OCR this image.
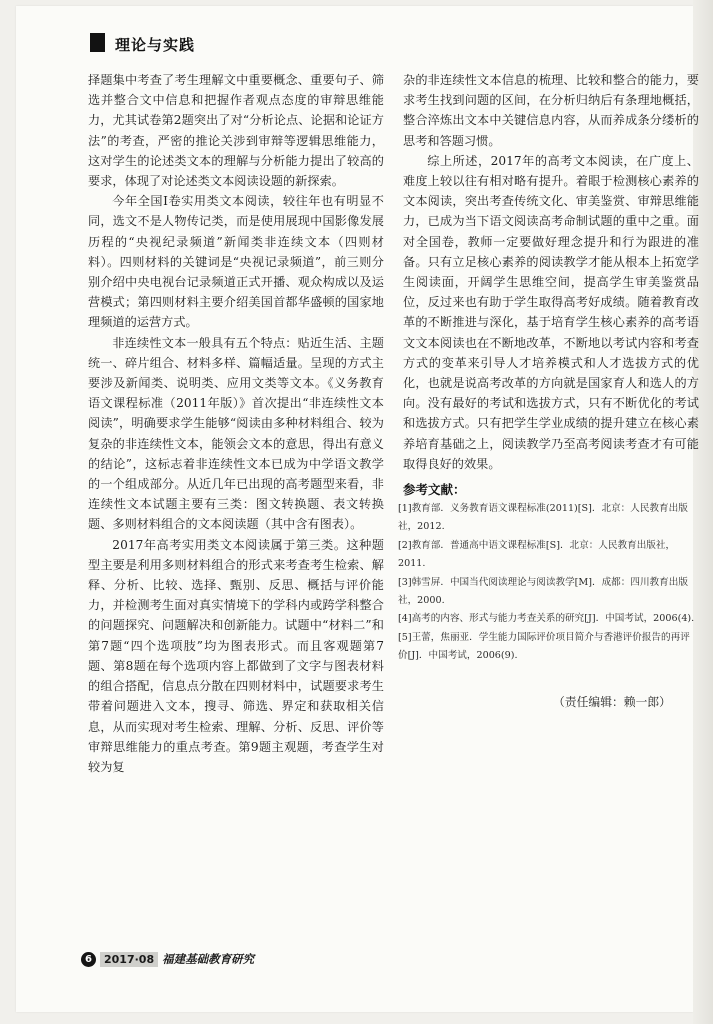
理论与实践

择题集中考查了考生理解文中重要概念、重要句子、筛选并整合文中信息和把握作者观点态度的审辩思维能力，尤其试卷第2题突出了对“分析论点、论据和论证方法”的考查，严密的推论关涉到审辩等逻辑思维能力，这对学生的论述类文本的理解与分析能力提出了较高的要求，体现了对论述类文本阅读设题的新探索。

今年全国Ⅰ卷实用类文本阅读，较往年也有明显不同，选文不是人物传记类，而是使用展现中国影像发展历程的“央视纪录频道”新闻类非连续文本（四则材料）。四则材料的关键词是“央视记录频道”，前三则分别介绍中央电视台记录频道正式开播、观众构成以及运营模式；第四则材料主要介绍美国首都华盛顿的国家地理频道的运营方式。

非连续性文本一般具有五个特点：贴近生活、主题统一、碎片组合、材料多样、篇幅适量。呈现的方式主要涉及新闻类、说明类、应用文类等文本。《义务教育语文课程标准（2011年版）》首次提出“非连续性文本阅读”，明确要求学生能够“阅读由多种材料组合、较为复杂的非连续性文本，能领会文本的意思，得出有意义的结论”，这标志着非连续性文本已成为中学语文教学的一个组成部分。从近几年已出现的高考题型来看，非连续性文本试题主要有三类：图文转换题、表文转换题、多则材料组合的文本阅读题（其中含有图表）。

2017年高考实用类文本阅读属于第三类。这种题型主要是利用多则材料组合的形式来考查考生检索、解释、分析、比较、选择、甄别、反思、概括与评价能力，并检测考生面对真实情境下的学科内或跨学科整合的问题探究、问题解决和创新能力。试题中“材料二”和第7题“四个选项肢”均为图表形式。而且客观题第7题、第8题在每个选项内容上都做到了文字与图表材料的组合搭配，信息点分散在四则材料中，试题要求考生带着问题进入文本，搜寻、筛选、界定和获取相关信息，从而实现对考生检索、理解、分析、反思、评价等审辩思维能力的重点考查。第9题主观题，考查学生对较为复

杂的非连续性文本信息的梳理、比较和整合的能力，要求考生找到问题的区间，在分析归纳后有条理地概括，整合淬炼出文本中关键信息内容，从而养成条分缕析的思考和答题习惯。

综上所述，2017年的高考文本阅读，在广度上、难度上较以往有相对略有提升。着眼于检测核心素养的文本阅读，突出考查传统文化、审美鉴赏、审辩思维能力，已成为当下语文阅读高考命制试题的重中之重。面对全国卷，教师一定要做好理念提升和行为跟进的准备。只有立足核心素养的阅读教学才能从根本上拓宽学生阅读面，开阔学生思维空间，提高学生审美鉴赏品位，反过来也有助于学生取得高考好成绩。随着教育改革的不断推进与深化，基于培育学生核心素养的高考语文文本阅读也在不断地改革，不断地以考试内容和考查方式的变革来引导人才培养模式和人才选拔方式的优化，也就是说高考改革的方向就是国家育人和选人的方向。没有最好的考试和选拔方式，只有不断优化的考试和选拔方式。只有把学生学业成绩的提升建立在核心素养培育基础之上，阅读教学乃至高考阅读考查才有可能取得良好的效果。

参考文献：

[1]教育部．义务教育语文课程标准(2011)[S]．北京：人民教育出版社，2012.

[2]教育部．普通高中语文课程标准[S]．北京：人民教育出版社，2011.

[3]韩雪屏．中国当代阅读理论与阅读教学[M]．成都：四川教育出版社，2000.

[4]高考的内容、形式与能力考查关系的研究[J]．中国考试，2006(4).

[5]王蕾，焦丽亚．学生能力国际评价项目简介与香港评价报告的再评价[J]．中国考试，2006(9).

（责任编辑：赖一郎）
6	2017·08 福建基础教育研究
